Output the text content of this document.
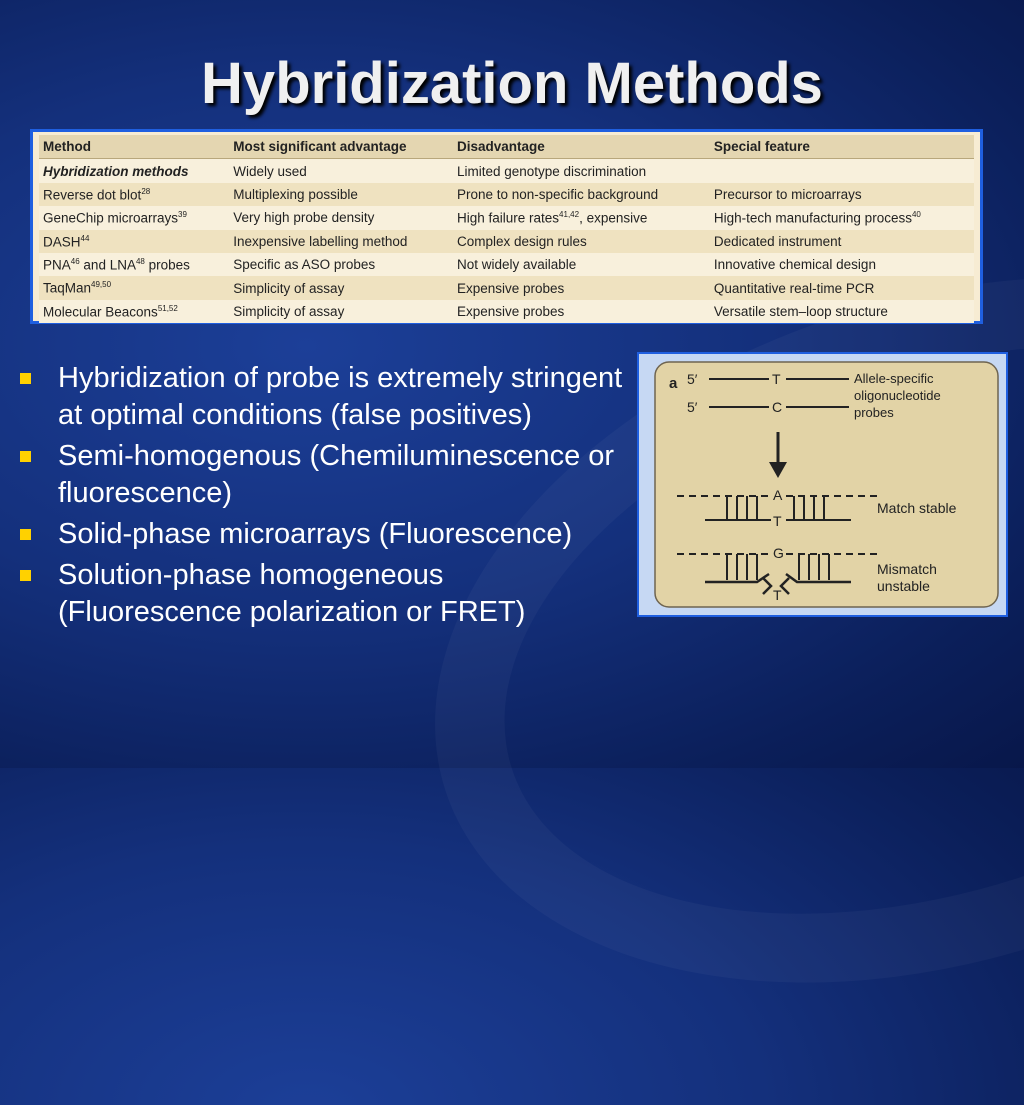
Hybridization Methods
Method	Most significant advantage	Disadvantage	Special feature
Hybridization methods	Widely used	Limited genotype discrimination	
Reverse dot blot$^{28}$	Multiplexing possible	Prone to non-specific background	Precursor to microarrays
GeneChip microarrays$^{39}$	Very high probe density	High failure rates$^{41,42}$, expensive	High-tech manufacturing process$^{40}$
DASH$^{44}$	Inexpensive labelling method	Complex design rules	Dedicated instrument
PNA$^{46}$ and LNA$^{48}$ probes	Specific as ASO probes	Not widely available	Innovative chemical design
TaqMan$^{49,50}$	Simplicity of assay	Expensive probes	Quantitative real-time PCR
Molecular Beacons$^{51,52}$	Simplicity of assay	Expensive probes	Versatile stem–loop structure
Hybridization of probe is extremely stringent at optimal conditions (false positives)
Semi-homogenous (Chemiluminescence or fluorescence)
Solid-phase microarrays (Fluorescence)
Solution-phase homogeneous (Fluorescence polarization or FRET)
a 5′	T
5′	C
Allele-specific
oligonucleotide
probes
A
T
Match stable
G
T
Mismatch
unstable
